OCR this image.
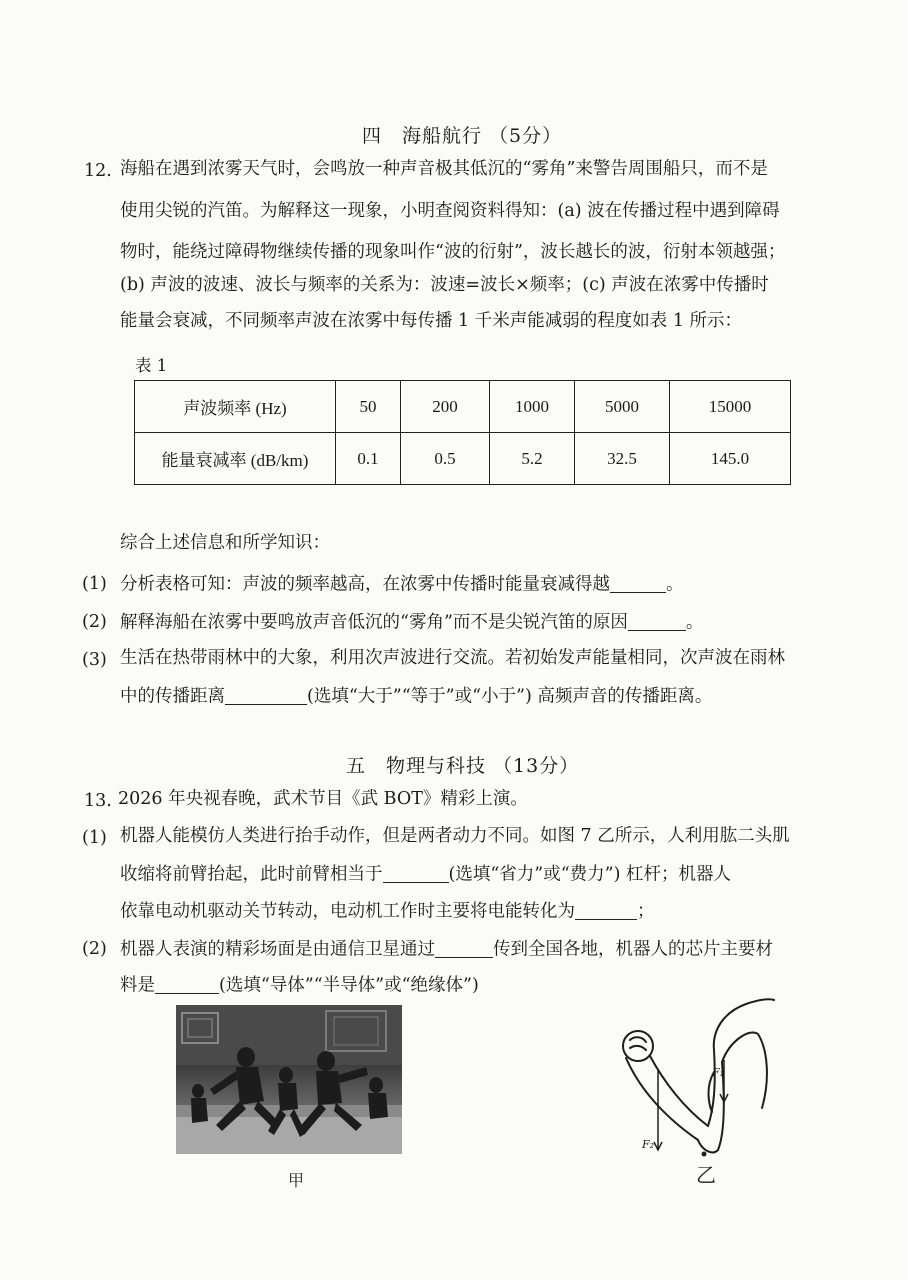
四　海船航行 （5分）
12. 海船在遇到浓雾天气时，会鸣放一种声音极其低沉的“雾角”来警告周围船只，而不是
使用尖锐的汽笛。为解释这一现象，小明查阅资料得知：(a) 波在传播过程中遇到障碍
物时，能绕过障碍物继续传播的现象叫作“波的衍射”，波长越长的波，衍射本领越强；
(b) 声波的波速、波长与频率的关系为：波速=波长×频率；(c) 声波在浓雾中传播时
能量会衰减，不同频率声波在浓雾中每传播 1 千米声能减弱的程度如表 1 所示：
表 1
声波频率 (Hz)	50	200	1000	5000	15000
能量衰减率 (dB/km)	0.1	0.5	5.2	32.5	145.0
综合上述信息和所学知识：
(1) 分析表格可知：声波的频率越高，在浓雾中传播时能量衰减得越	。
(2) 解释海船在浓雾中要鸣放声音低沉的“雾角”而不是尖锐汽笛的原因	。
(3) 生活在热带雨林中的大象，利用次声波进行交流。若初始发声能量相同，次声波在雨林
中的传播距离	(选填“大于”“等于”或“小于”) 高频声音的传播距离。
五　物理与科技 （13分）
13. 2026 年央视春晚，武术节目《武 BOT》精彩上演。
(1) 机器人能模仿人类进行抬手动作，但是两者动力不同。如图 7 乙所示，人利用肱二头肌
收缩将前臂抬起，此时前臂相当于	(选填“省力”或“费力”) 杠杆；机器人
依靠电动机驱动关节转动，电动机工作时主要将电能转化为	；
(2) 机器人表演的精彩场面是由通信卫星通过	传到全国各地，机器人的芯片主要材
料是	(选填“导体”“半导体”或“绝缘体”)
甲
F₁
F₂
乙
